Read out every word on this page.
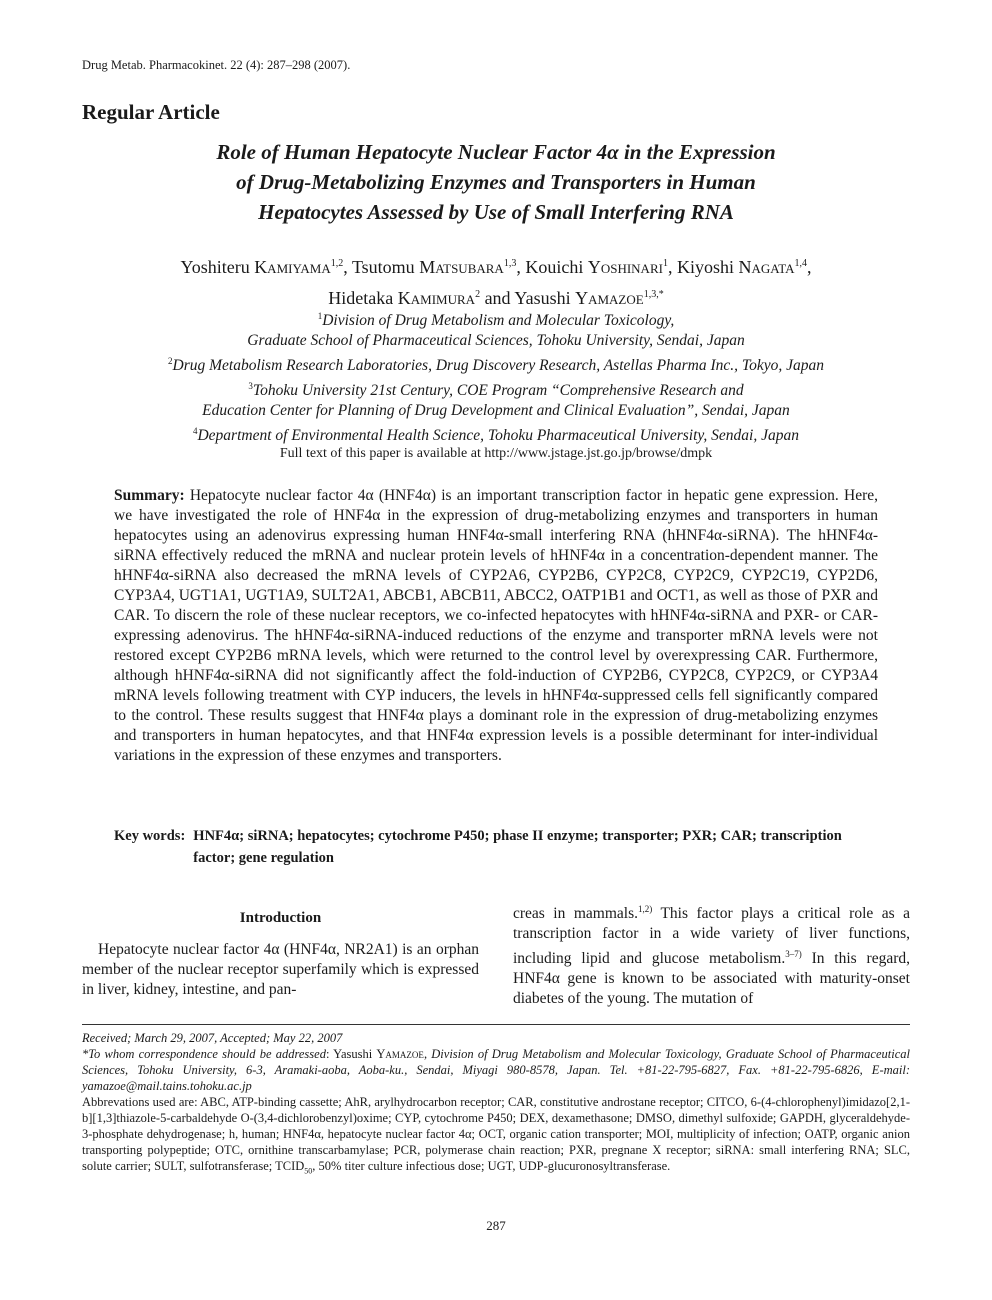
Drug Metab. Pharmacokinet. 22 (4): 287–298 (2007).
Regular Article
Role of Human Hepatocyte Nuclear Factor 4α in the Expression
of Drug-Metabolizing Enzymes and Transporters in Human
Hepatocytes Assessed by Use of Small Interfering RNA
Yoshiteru Kamiyama$^{1,2}$, Tsutomu Matsubara$^{1,3}$, Kouichi Yoshinari$^1$, Kiyoshi Nagata$^{1,4}$,
Hidetaka Kamimura$^2$ and Yasushi Yamazoe$^{1,3,*}$
$^1$Division of Drug Metabolism and Molecular Toxicology,
Graduate School of Pharmaceutical Sciences, Tohoku University, Sendai, Japan
$^2$Drug Metabolism Research Laboratories, Drug Discovery Research, Astellas Pharma Inc., Tokyo, Japan
$^3$Tohoku University 21st Century, COE Program “Comprehensive Research and
Education Center for Planning of Drug Development and Clinical Evaluation”, Sendai, Japan
$^4$Department of Environmental Health Science, Tohoku Pharmaceutical University, Sendai, Japan
Full text of this paper is available at http://www.jstage.jst.go.jp/browse/dmpk
Summary: Hepatocyte nuclear factor 4α (HNF4α) is an important transcription factor in hepatic gene expression. Here, we have investigated the role of HNF4α in the expression of drug-metabolizing enzymes and transporters in human hepatocytes using an adenovirus expressing human HNF4α-small interfering RNA (hHNF4α-siRNA). The hHNF4α-siRNA effectively reduced the mRNA and nuclear protein levels of hHNF4α in a concentration-dependent manner. The hHNF4α-siRNA also decreased the mRNA levels of CYP2A6, CYP2B6, CYP2C8, CYP2C9, CYP2C19, CYP2D6, CYP3A4, UGT1A1, UGT1A9, SULT2A1, ABCB1, ABCB11, ABCC2, OATP1B1 and OCT1, as well as those of PXR and CAR. To discern the role of these nuclear receptors, we co-infected hepatocytes with hHNF4α-siRNA and PXR- or CAR-expressing adenovirus. The hHNF4α-siRNA-induced reductions of the enzyme and transporter mRNA levels were not restored except CYP2B6 mRNA levels, which were returned to the control level by overexpressing CAR. Furthermore, although hHNF4α-siRNA did not significantly affect the fold-induction of CYP2B6, CYP2C8, CYP2C9, or CYP3A4 mRNA levels following treatment with CYP inducers, the levels in hHNF4α-suppressed cells fell significantly compared to the control. These results suggest that HNF4α plays a dominant role in the expression of drug-metabolizing enzymes and transporters in human hepatocytes, and that HNF4α expression levels is a possible determinant for inter-individual variations in the expression of these enzymes and transporters.
Key words: HNF4α; siRNA; hepatocytes; cytochrome P450; phase II enzyme; transporter; PXR; CAR; transcription factor; gene regulation
Introduction
Hepatocyte nuclear factor 4α (HNF4α, NR2A1) is an orphan member of the nuclear receptor superfamily which is expressed in liver, kidney, intestine, and pan-
creas in mammals.$^{1,2)}$ This factor plays a critical role as a transcription factor in a wide variety of liver functions, including lipid and glucose metabolism.$^{3-7)}$ In this regard, HNF4α gene is known to be associated with maturity-onset diabetes of the young. The mutation of
Received; March 29, 2007, Accepted; May 22, 2007
*To whom correspondence should be addressed: Yasushi Yamazoe, Division of Drug Metabolism and Molecular Toxicology, Graduate School of Pharmaceutical Sciences, Tohoku University, 6-3, Aramaki-aoba, Aoba-ku., Sendai, Miyagi 980-8578, Japan. Tel. +81-22-795-6827, Fax. +81-22-795-6826, E-mail: yamazoe@mail.tains.tohoku.ac.jp
Abbrevations used are: ABC, ATP-binding cassette; AhR, arylhydrocarbon receptor; CAR, constitutive androstane receptor; CITCO, 6-(4-chlorophenyl)imidazo[2,1-b][1,3]thiazole-5-carbaldehyde O-(3,4-dichlorobenzyl)oxime; CYP, cytochrome P450; DEX, dexamethasone; DMSO, dimethyl sulfoxide; GAPDH, glyceraldehyde-3-phosphate dehydrogenase; h, human; HNF4α, hepatocyte nuclear factor 4α; OCT, organic cation transporter; MOI, multiplicity of infection; OATP, organic anion transporting polypeptide; OTC, ornithine transcarbamylase; PCR, polymerase chain reaction; PXR, pregnane X receptor; siRNA: small interfering RNA; SLC, solute carrier; SULT, sulfotransferase; $TCID_{50}$, 50% titer culture infectious dose; UGT, UDP-glucuronosyltransferase.
287
